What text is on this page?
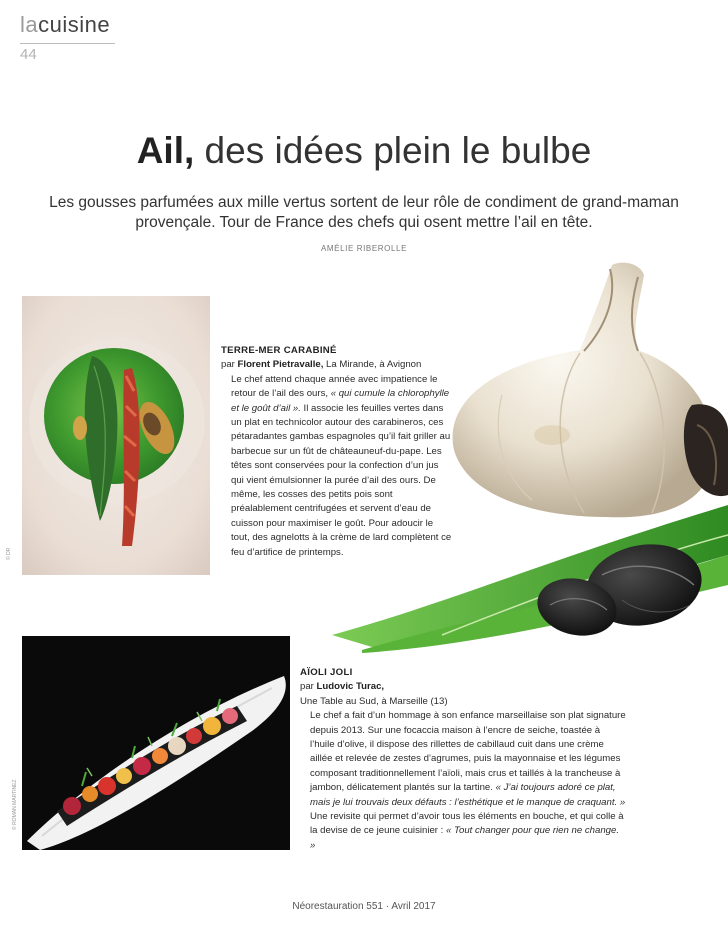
lacuisine
44
Ail, des idées plein le bulbe
Les gousses parfumées aux mille vertus sortent de leur rôle de condiment de grand-maman provençale. Tour de France des chefs qui osent mettre l’ail en tête.
AMÉLIE RIBEROLLE
© DR
TERRE-MER CARABINÉ
par Florent Pietravalle, La Mirande, à Avignon
Le chef attend chaque année avec impatience le retour de l’ail des ours, « qui cumule la chlorophylle et le goût d’ail ». Il associe les feuilles vertes dans un plat en technicolor autour des carabineros, ces pétaradantes gambas espagnoles qu’il fait griller au barbecue sur un fût de châteauneuf-du-pape. Les têtes sont conservées pour la confection d’un jus qui vient émulsionner la purée d’ail des ours. De même, les cosses des petits pois sont préalablement centrifugées et servent d’eau de cuisson pour maximiser le goût. Pour adoucir le tout, des agnelotts à la crème de lard complètent ce feu d’artifice de printemps.
© ROMAN MARTINEZ
AÏOLI JOLI
par Ludovic Turac,
Une Table au Sud, à Marseille (13)
Le chef a fait d’un hommage à son enfance marseillaise son plat signature depuis 2013. Sur une focaccia maison à l’encre de seiche, toastée à l’huile d’olive, il dispose des rillettes de cabillaud cuit dans une crème aillée et relevée de zestes d’agrumes, puis la mayonnaise et les légumes composant traditionnellement l’aïoli, mais crus et taillés à la trancheuse à jambon, délicatement plantés sur la tartine. « J’ai toujours adoré ce plat, mais je lui trouvais deux défauts : l’esthétique et le manque de craquant. » Une revisite qui permet d’avoir tous les éléments en bouche, et qui colle à la devise de ce jeune cuisinier : « Tout changer pour que rien ne change. »
Néorestauration 551 · Avril 2017
